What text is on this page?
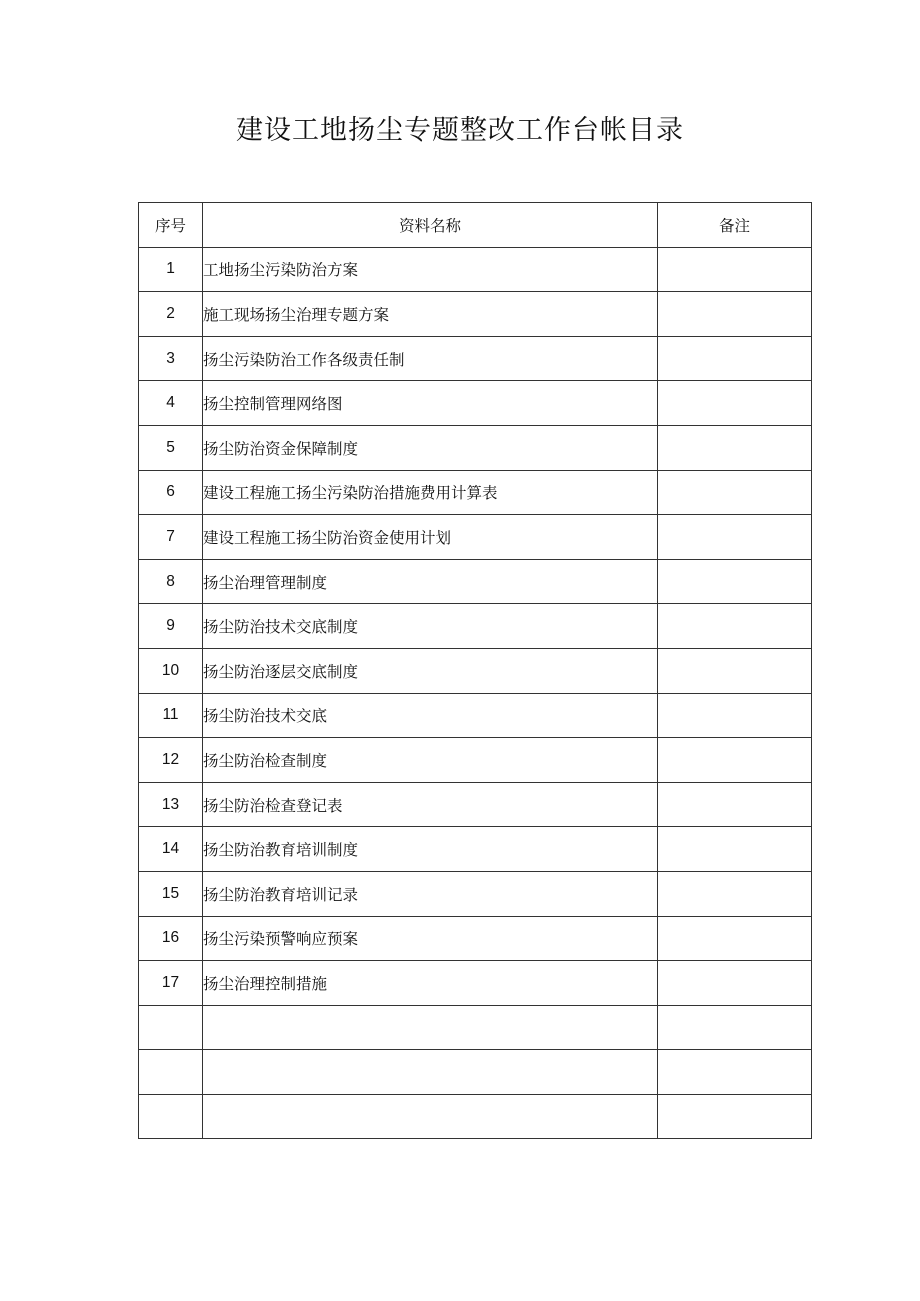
建设工地扬尘专题整改工作台帐目录
序号	资料名称	备注
1	工地扬尘污染防治方案	
2	施工现场扬尘治理专题方案	
3	扬尘污染防治工作各级责任制	
4	扬尘控制管理网络图	
5	扬尘防治资金保障制度	
6	建设工程施工扬尘污染防治措施费用计算表	
7	建设工程施工扬尘防治资金使用计划	
8	扬尘治理管理制度	
9	扬尘防治技术交底制度	
10	扬尘防治逐层交底制度	
11	扬尘防治技术交底	
12	扬尘防治检查制度	
13	扬尘防治检查登记表	
14	扬尘防治教育培训制度	
15	扬尘防治教育培训记录	
16	扬尘污染预警响应预案	
17	扬尘治理控制措施	
